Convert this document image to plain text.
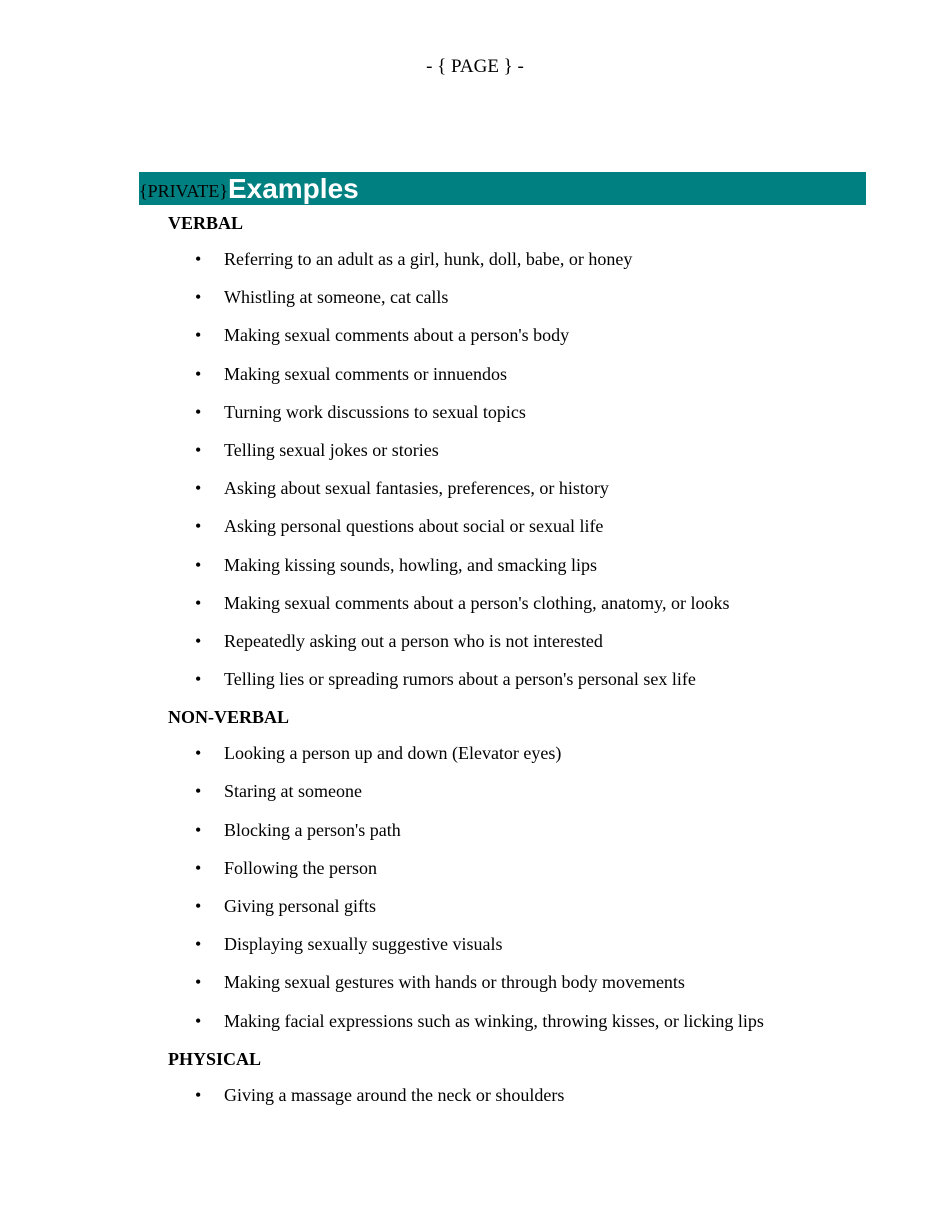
- { PAGE } -
{PRIVATE} Examples
VERBAL
• Referring to an adult as a girl, hunk, doll, babe, or honey
• Whistling at someone, cat calls
• Making sexual comments about a person's body
• Making sexual comments or innuendos
• Turning work discussions to sexual topics
• Telling sexual jokes or stories
• Asking about sexual fantasies, preferences, or history
• Asking personal questions about social or sexual life
• Making kissing sounds, howling, and smacking lips
• Making sexual comments about a person's clothing, anatomy, or looks
• Repeatedly asking out a person who is not interested
• Telling lies or spreading rumors about a person's personal sex life
NON-VERBAL
• Looking a person up and down (Elevator eyes)
• Staring at someone
• Blocking a person's path
• Following the person
• Giving personal gifts
• Displaying sexually suggestive visuals
• Making sexual gestures with hands or through body movements
• Making facial expressions such as winking, throwing kisses, or licking lips
PHYSICAL
• Giving a massage around the neck or shoulders
